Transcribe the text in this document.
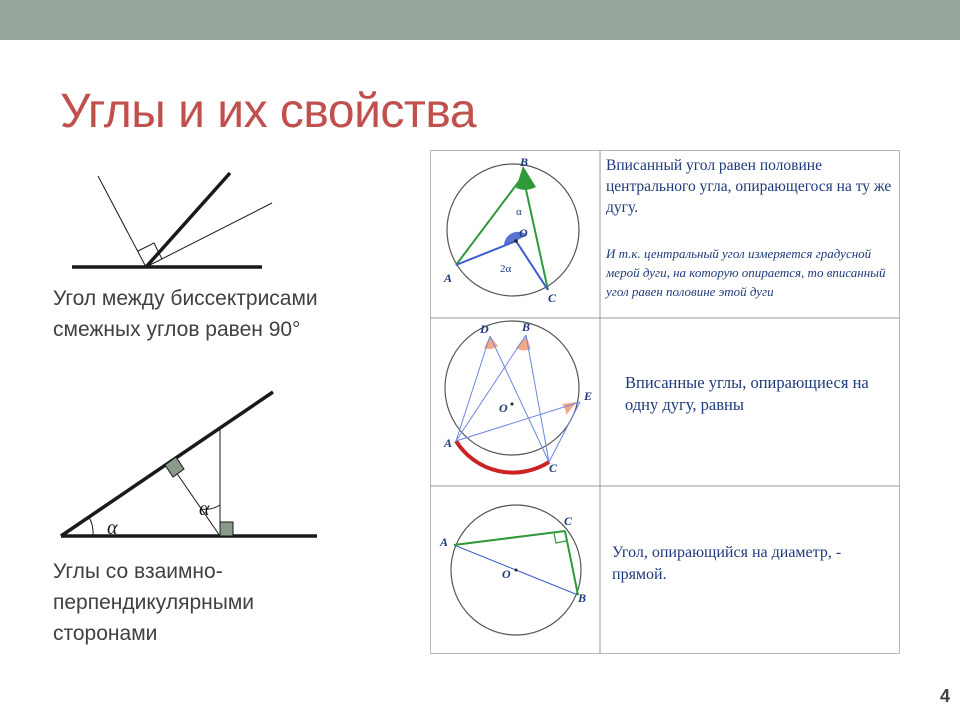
Углы и их свойства
Угол между биссектрисами смежных углов равен 90°
α
α
Углы со взаимно-перпендикулярными сторонами
B
A
C
O
α
2α
D	B
E
A
C
O
A
C
B
O
Вписанный угол равен половине центрального угла, опирающегося на ту же дугу.
И т.к. центральный угол измеряется градусной мерой дуги, на которую опирается, то вписанный угол равен половине этой дуги
Вписанные углы, опирающиеся на одну дугу, равны
Угол, опирающийся на диаметр, - прямой.
4
